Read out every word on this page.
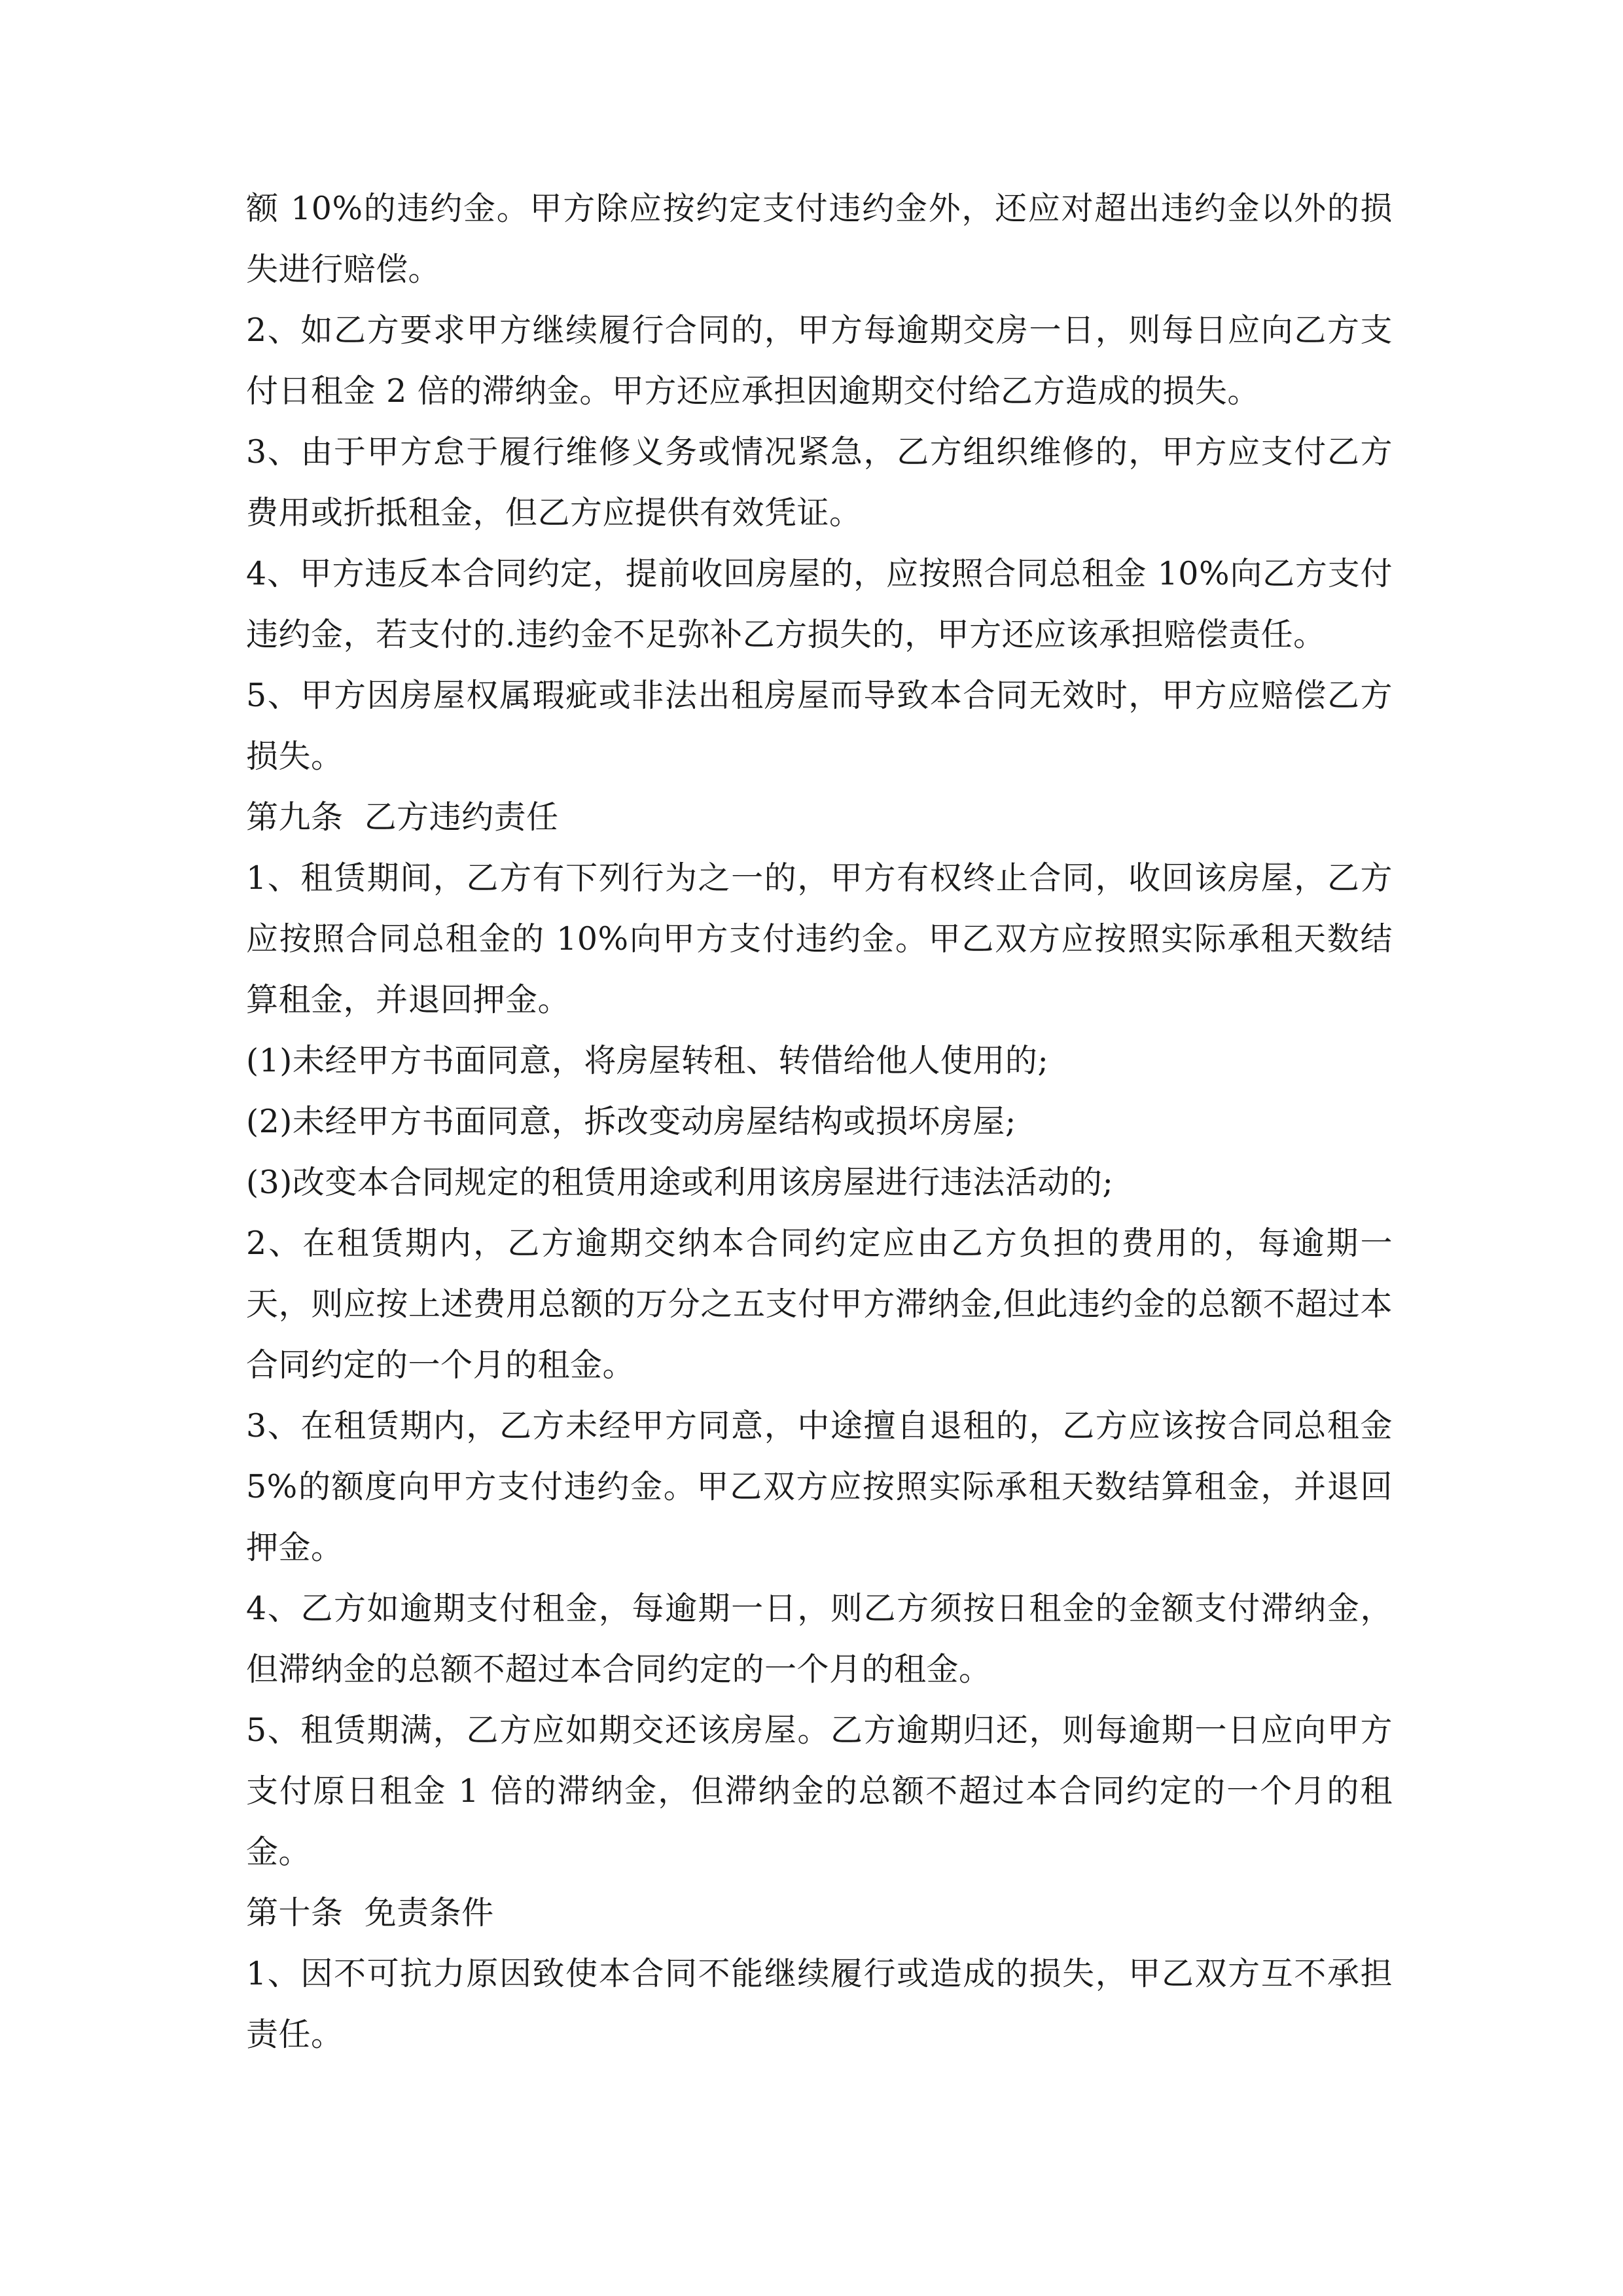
额 10%的违约金。甲方除应按约定支付违约金外，还应对超出违约金以外的损失进行赔偿。

2、如乙方要求甲方继续履行合同的，甲方每逾期交房一日，则每日应向乙方支付日租金 2 倍的滞纳金。甲方还应承担因逾期交付给乙方造成的损失。

3、由于甲方怠于履行维修义务或情况紧急，乙方组织维修的，甲方应支付乙方费用或折抵租金，但乙方应提供有效凭证。

4、甲方违反本合同约定，提前收回房屋的，应按照合同总租金 10%向乙方支付违约金，若支付的.违约金不足弥补乙方损失的，甲方还应该承担赔偿责任。

5、甲方因房屋权属瑕疵或非法出租房屋而导致本合同无效时，甲方应赔偿乙方损失。

第九条  乙方违约责任

1、租赁期间，乙方有下列行为之一的，甲方有权终止合同，收回该房屋，乙方应按照合同总租金的 10%向甲方支付违约金。甲乙双方应按照实际承租天数结算租金，并退回押金。

(1)未经甲方书面同意，将房屋转租、转借给他人使用的;

(2)未经甲方书面同意，拆改变动房屋结构或损坏房屋;

(3)改变本合同规定的租赁用途或利用该房屋进行违法活动的;

2、在租赁期内，乙方逾期交纳本合同约定应由乙方负担的费用的，每逾期一天，则应按上述费用总额的万分之五支付甲方滞纳金,但此违约金的总额不超过本合同约定的一个月的租金。

3、在租赁期内，乙方未经甲方同意，中途擅自退租的，乙方应该按合同总租金 5%的额度向甲方支付违约金。甲乙双方应按照实际承租天数结算租金，并退回押金。

4、乙方如逾期支付租金，每逾期一日，则乙方须按日租金的金额支付滞纳金，但滞纳金的总额不超过本合同约定的一个月的租金。

5、租赁期满，乙方应如期交还该房屋。乙方逾期归还，则每逾期一日应向甲方支付原日租金 1 倍的滞纳金，但滞纳金的总额不超过本合同约定的一个月的租金。

第十条  免责条件

1、因不可抗力原因致使本合同不能继续履行或造成的损失，甲乙双方互不承担责任。
